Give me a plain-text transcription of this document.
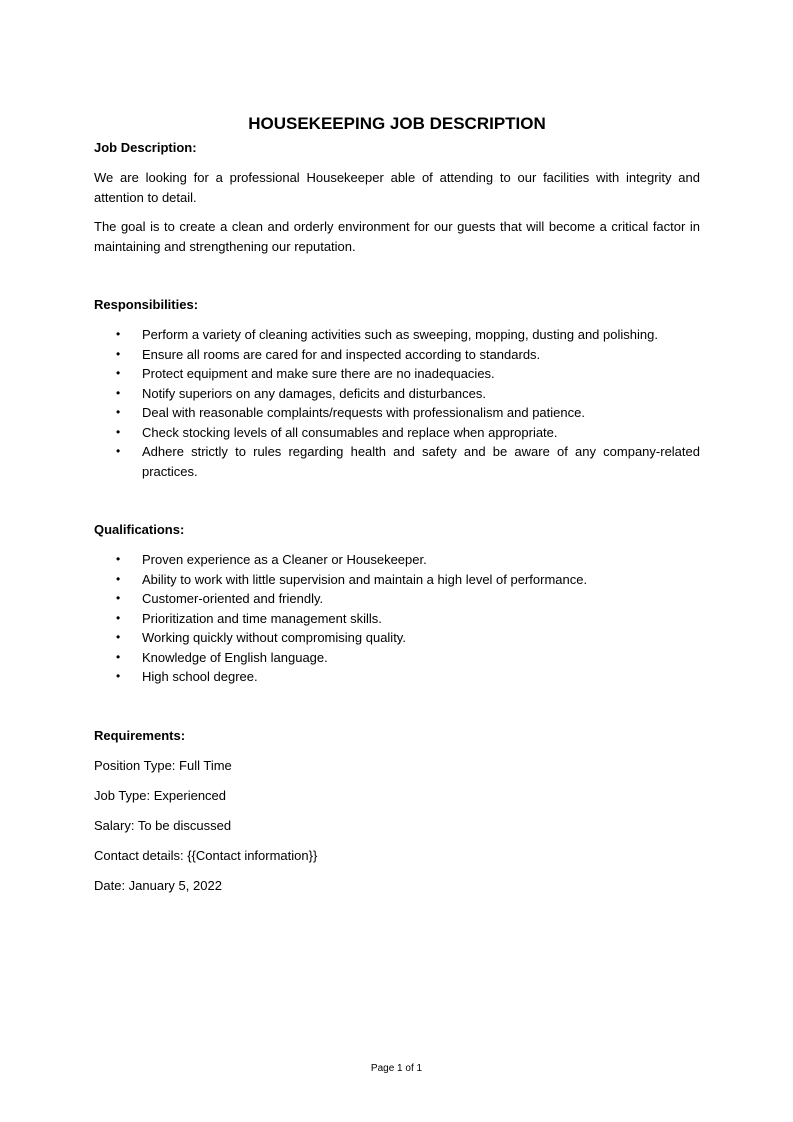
HOUSEKEEPING JOB DESCRIPTION
Job Description:

We are looking for a professional Housekeeper able of attending to our facilities with integrity and attention to detail.

The goal is to create a clean and orderly environment for our guests that will become a critical factor in maintaining and strengthening our reputation.

Responsibilities:
• Perform a variety of cleaning activities such as sweeping, mopping, dusting and polishing.
• Ensure all rooms are cared for and inspected according to standards.
• Protect equipment and make sure there are no inadequacies.
• Notify superiors on any damages, deficits and disturbances.
• Deal with reasonable complaints/requests with professionalism and patience.
• Check stocking levels of all consumables and replace when appropriate.
• Adhere strictly to rules regarding health and safety and be aware of any company-related practices.
Qualifications:
• Proven experience as a Cleaner or Housekeeper.
• Ability to work with little supervision and maintain a high level of performance.
• Customer-oriented and friendly.
• Prioritization and time management skills.
• Working quickly without compromising quality.
• Knowledge of English language.
• High school degree.
Requirements:
Position Type: Full Time
Job Type: Experienced
Salary: To be discussed
Contact details: {{Contact information}}
Date: January 5, 2022
Page 1 of 1
